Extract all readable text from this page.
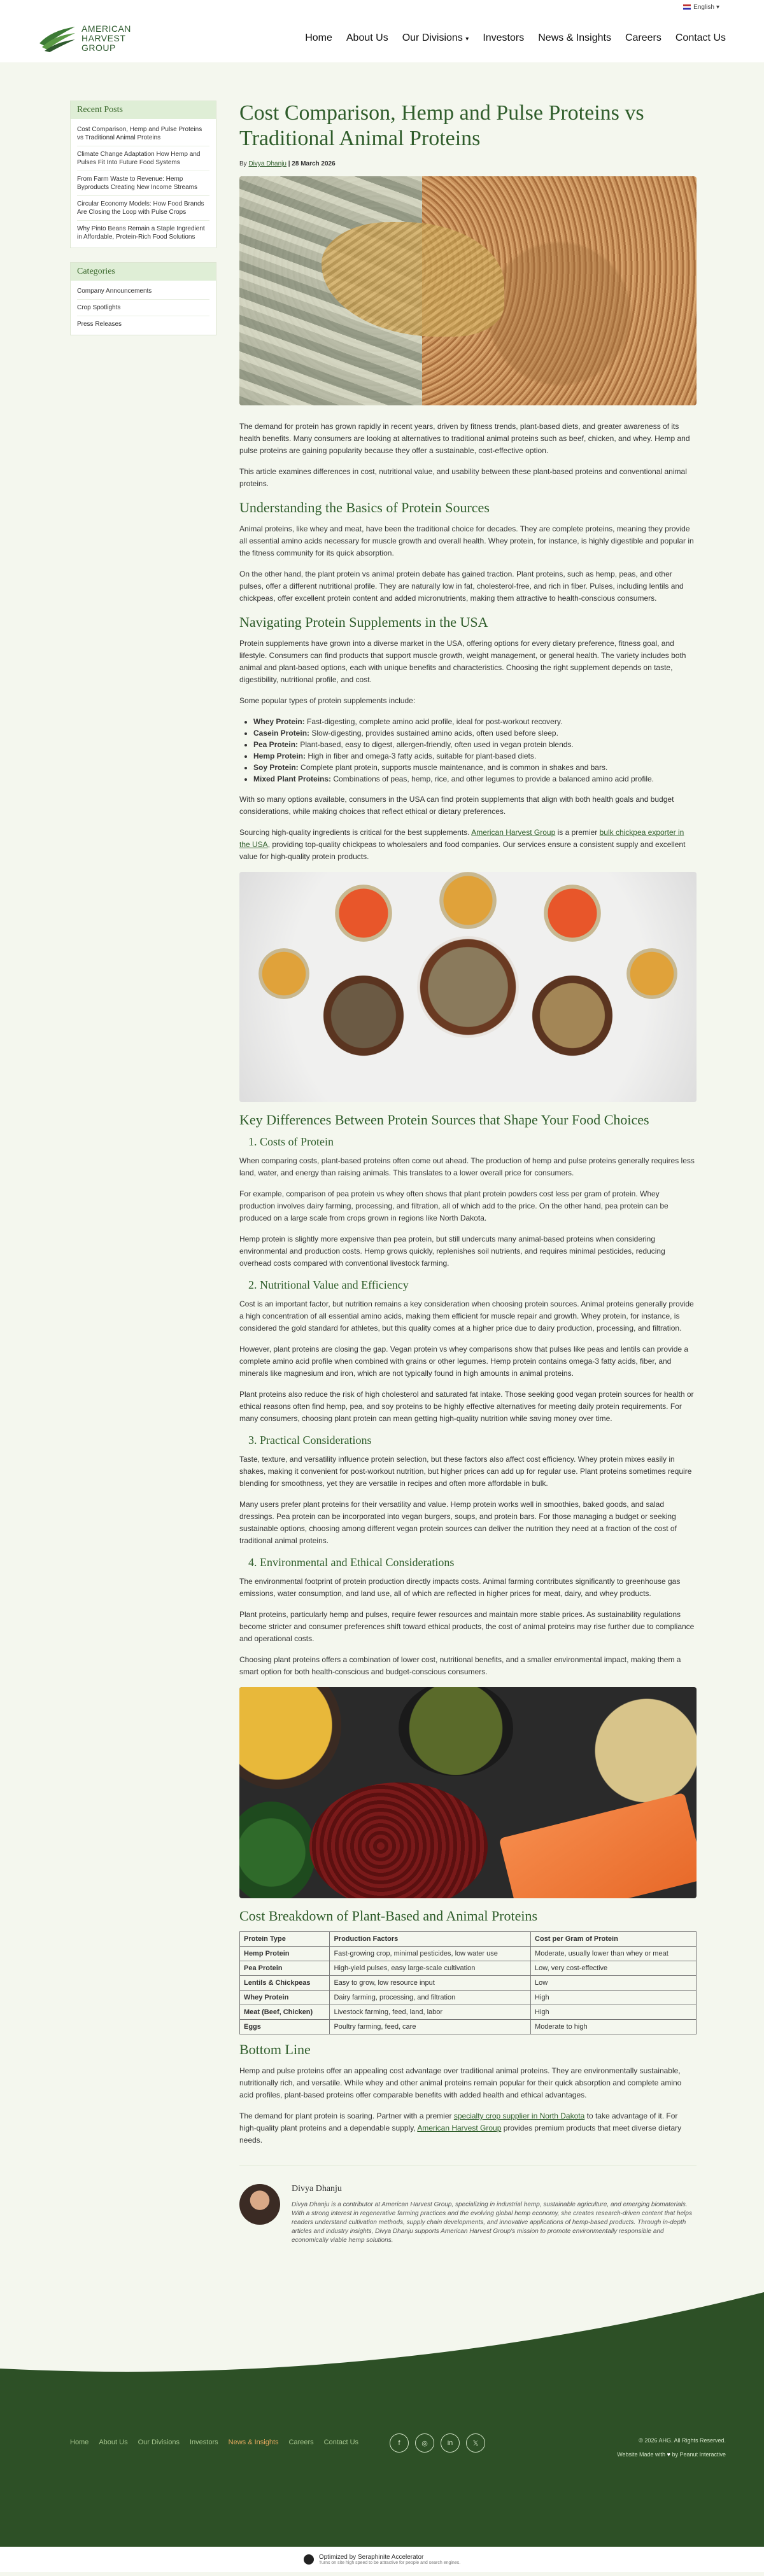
English ▾
AMERICAN
HARVEST
GROUP
Home About Us Our Divisions ▾ Investors News & Insights Careers Contact Us
Recent Posts
Cost Comparison, Hemp and Pulse Proteins vs Traditional Animal Proteins
Climate Change Adaptation How Hemp and Pulses Fit Into Future Food Systems
From Farm Waste to Revenue: Hemp Byproducts Creating New Income Streams
Circular Economy Models: How Food Brands Are Closing the Loop with Pulse Crops
Why Pinto Beans Remain a Staple Ingredient in Affordable, Protein-Rich Food Solutions
Categories
Company Announcements
Crop Spotlights
Press Releases
Cost Comparison, Hemp and Pulse Proteins vs Traditional Animal Proteins
By Divya Dhanju | 28 March 2026

The demand for protein has grown rapidly in recent years, driven by fitness trends, plant-based diets, and greater awareness of its health benefits. Many consumers are looking at alternatives to traditional animal proteins such as beef, chicken, and whey. Hemp and pulse proteins are gaining popularity because they offer a sustainable, cost-effective option.

This article examines differences in cost, nutritional value, and usability between these plant-based proteins and conventional animal proteins.

Understanding the Basics of Protein Sources

Animal proteins, like whey and meat, have been the traditional choice for decades. They are complete proteins, meaning they provide all essential amino acids necessary for muscle growth and overall health. Whey protein, for instance, is highly digestible and popular in the fitness community for its quick absorption.

On the other hand, the plant protein vs animal protein debate has gained traction. Plant proteins, such as hemp, peas, and other pulses, offer a different nutritional profile. They are naturally low in fat, cholesterol-free, and rich in fiber. Pulses, including lentils and chickpeas, offer excellent protein content and added micronutrients, making them attractive to health-conscious consumers.

Navigating Protein Supplements in the USA

Protein supplements have grown into a diverse market in the USA, offering options for every dietary preference, fitness goal, and lifestyle. Consumers can find products that support muscle growth, weight management, or general health. The variety includes both animal and plant-based options, each with unique benefits and characteristics. Choosing the right supplement depends on taste, digestibility, nutritional profile, and cost.

Some popular types of protein supplements include:

• Whey Protein: Fast-digesting, complete amino acid profile, ideal for post-workout recovery.
• Casein Protein: Slow-digesting, provides sustained amino acids, often used before sleep.
• Pea Protein: Plant-based, easy to digest, allergen-friendly, often used in vegan protein blends.
• Hemp Protein: High in fiber and omega-3 fatty acids, suitable for plant-based diets.
• Soy Protein: Complete plant protein, supports muscle maintenance, and is common in shakes and bars.
• Mixed Plant Proteins: Combinations of peas, hemp, rice, and other legumes to provide a balanced amino acid profile.

With so many options available, consumers in the USA can find protein supplements that align with both health goals and budget considerations, while making choices that reflect ethical or dietary preferences.

Sourcing high-quality ingredients is critical for the best supplements. American Harvest Group is a premier bulk chickpea exporter in the USA, providing top-quality chickpeas to wholesalers and food companies. Our services ensure a consistent supply and excellent value for high-quality protein products.

Key Differences Between Protein Sources that Shape Your Food Choices
1. Costs of Protein

When comparing costs, plant-based proteins often come out ahead. The production of hemp and pulse proteins generally requires less land, water, and energy than raising animals. This translates to a lower overall price for consumers.

For example, comparison of pea protein vs whey often shows that plant protein powders cost less per gram of protein. Whey production involves dairy farming, processing, and filtration, all of which add to the price. On the other hand, pea protein can be produced on a large scale from crops grown in regions like North Dakota.

Hemp protein is slightly more expensive than pea protein, but still undercuts many animal-based proteins when considering environmental and production costs. Hemp grows quickly, replenishes soil nutrients, and requires minimal pesticides, reducing overhead costs compared with conventional livestock farming.

2. Nutritional Value and Efficiency

Cost is an important factor, but nutrition remains a key consideration when choosing protein sources. Animal proteins generally provide a high concentration of all essential amino acids, making them efficient for muscle repair and growth. Whey protein, for instance, is considered the gold standard for athletes, but this quality comes at a higher price due to dairy production, processing, and filtration.

However, plant proteins are closing the gap. Vegan protein vs whey comparisons show that pulses like peas and lentils can provide a complete amino acid profile when combined with grains or other legumes. Hemp protein contains omega-3 fatty acids, fiber, and minerals like magnesium and iron, which are not typically found in high amounts in animal proteins.

Plant proteins also reduce the risk of high cholesterol and saturated fat intake. Those seeking good vegan protein sources for health or ethical reasons often find hemp, pea, and soy proteins to be highly effective alternatives for meeting daily protein requirements. For many consumers, choosing plant protein can mean getting high-quality nutrition while saving money over time.

3. Practical Considerations

Taste, texture, and versatility influence protein selection, but these factors also affect cost efficiency. Whey protein mixes easily in shakes, making it convenient for post-workout nutrition, but higher prices can add up for regular use. Plant proteins sometimes require blending for smoothness, yet they are versatile in recipes and often more affordable in bulk.

Many users prefer plant proteins for their versatility and value. Hemp protein works well in smoothies, baked goods, and salad dressings. Pea protein can be incorporated into vegan burgers, soups, and protein bars. For those managing a budget or seeking sustainable options, choosing among different vegan protein sources can deliver the nutrition they need at a fraction of the cost of traditional animal proteins.

4. Environmental and Ethical Considerations

The environmental footprint of protein production directly impacts costs. Animal farming contributes significantly to greenhouse gas emissions, water consumption, and land use, all of which are reflected in higher prices for meat, dairy, and whey products.

Plant proteins, particularly hemp and pulses, require fewer resources and maintain more stable prices. As sustainability regulations become stricter and consumer preferences shift toward ethical products, the cost of animal proteins may rise further due to compliance and operational costs.

Choosing plant proteins offers a combination of lower cost, nutritional benefits, and a smaller environmental impact, making them a smart option for both health-conscious and budget-conscious consumers.

Cost Breakdown of Plant-Based and Animal Proteins
Protein Type	Production Factors	Cost per Gram of Protein
Hemp Protein	Fast-growing crop, minimal pesticides, low water use	Moderate, usually lower than whey or meat
Pea Protein	High-yield pulses, easy large-scale cultivation	Low, very cost-effective
Lentils & Chickpeas	Easy to grow, low resource input	Low
Whey Protein	Dairy farming, processing, and filtration	High
Meat (Beef, Chicken)	Livestock farming, feed, land, labor	High
Eggs	Poultry farming, feed, care	Moderate to high
Bottom Line

Hemp and pulse proteins offer an appealing cost advantage over traditional animal proteins. They are environmentally sustainable, nutritionally rich, and versatile. While whey and other animal proteins remain popular for their quick absorption and complete amino acid profiles, plant-based proteins offer comparable benefits with added health and ethical advantages.

The demand for plant protein is soaring. Partner with a premier specialty crop supplier in North Dakota to take advantage of it. For high-quality plant proteins and a dependable supply, American Harvest Group provides premium products that meet diverse dietary needs.

Divya Dhanju

Divya Dhanju is a contributor at American Harvest Group, specializing in industrial hemp, sustainable agriculture, and emerging biomaterials. With a strong interest in regenerative farming practices and the evolving global hemp economy, she creates research-driven content that helps readers understand cultivation methods, supply chain developments, and innovative applications of hemp-based products. Through in-depth articles and industry insights, Divya Dhanju supports American Harvest Group's mission to promote environmentally responsible and economically viable hemp solutions.

Home About Us Our Divisions Investors News & Insights Careers Contact Us	f	◎	in	𝕏	© 2026 AHG. All Rights Reserved.
Website Made with ♥ by Peanut Interactive
Optimized by Seraphinite Accelerator
Turns on site high speed to be attractive for people and search engines.
